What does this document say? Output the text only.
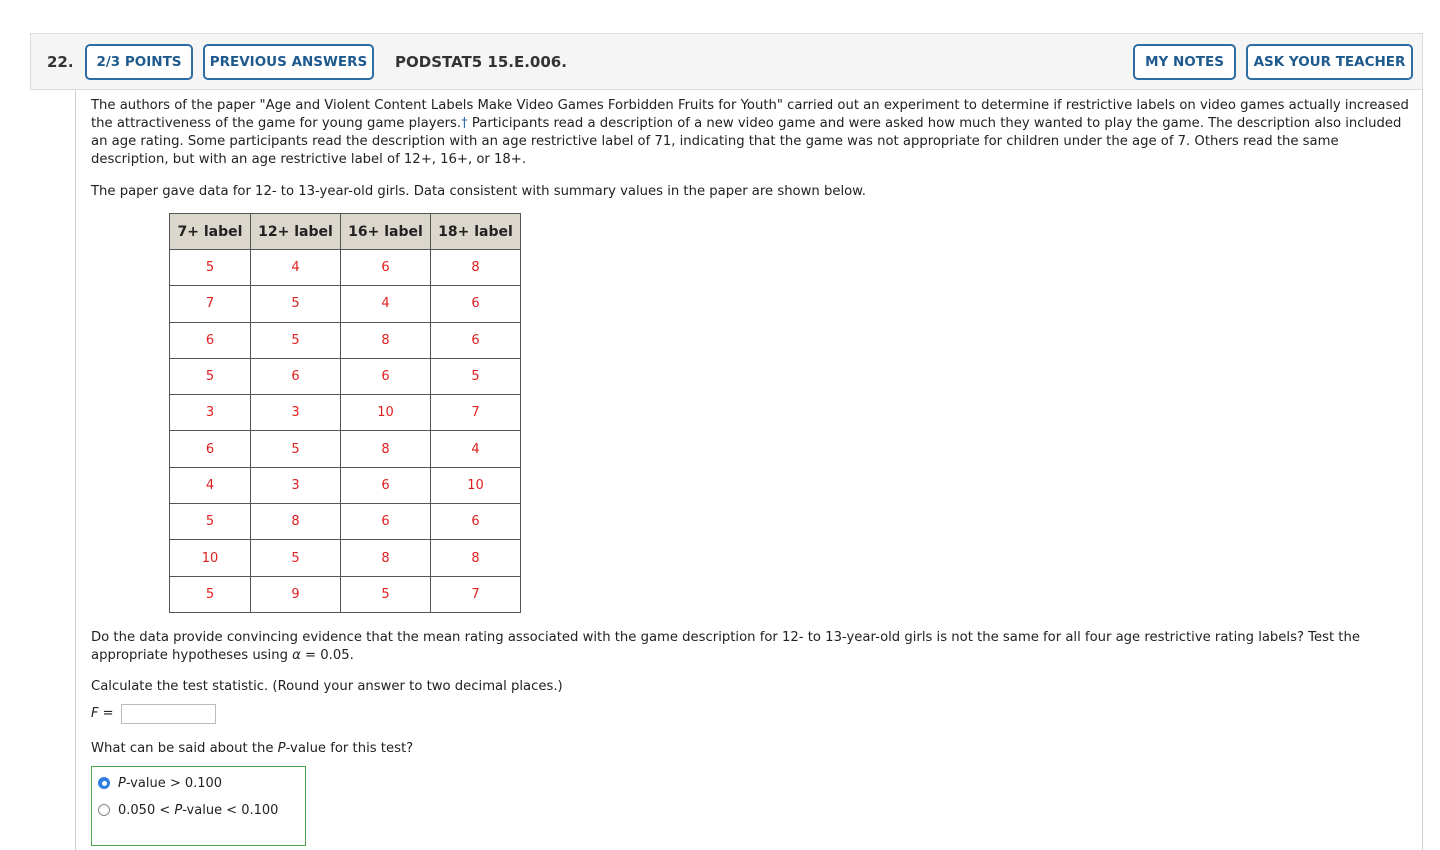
22.	2/3 POINTS	PREVIOUS ANSWERS	PODSTAT5 15.E.006.	MY NOTES	ASK YOUR TEACHER
The authors of the paper "Age and Violent Content Labels Make Video Games Forbidden Fruits for Youth" carried out an experiment to determine if restrictive labels on video games actually increased the attractiveness of the game for young game players.† Participants read a description of a new video game and were asked how much they wanted to play the game. The description also included an age rating. Some participants read the description with an age restrictive label of 71, indicating that the game was not appropriate for children under the age of 7. Others read the same description, but with an age restrictive label of 12+, 16+, or 18+.
The paper gave data for 12- to 13-year-old girls. Data consistent with summary values in the paper are shown below.
7+ label	12+ label	16+ label	18+ label
5	4	6	8
7	5	4	6
6	5	8	6
5	6	6	5
3	3	10	7
6	5	8	4
4	3	6	10
5	8	6	6
10	5	8	8
5	9	5	7
Do the data provide convincing evidence that the mean rating associated with the game description for 12- to 13-year-old girls is not the same for all four age restrictive rating labels? Test the appropriate hypotheses using α = 0.05.
Calculate the test statistic. (Round your answer to two decimal places.)
F =
What can be said about the P-value for this test?
P-value > 0.100
0.050 < P-value < 0.100
